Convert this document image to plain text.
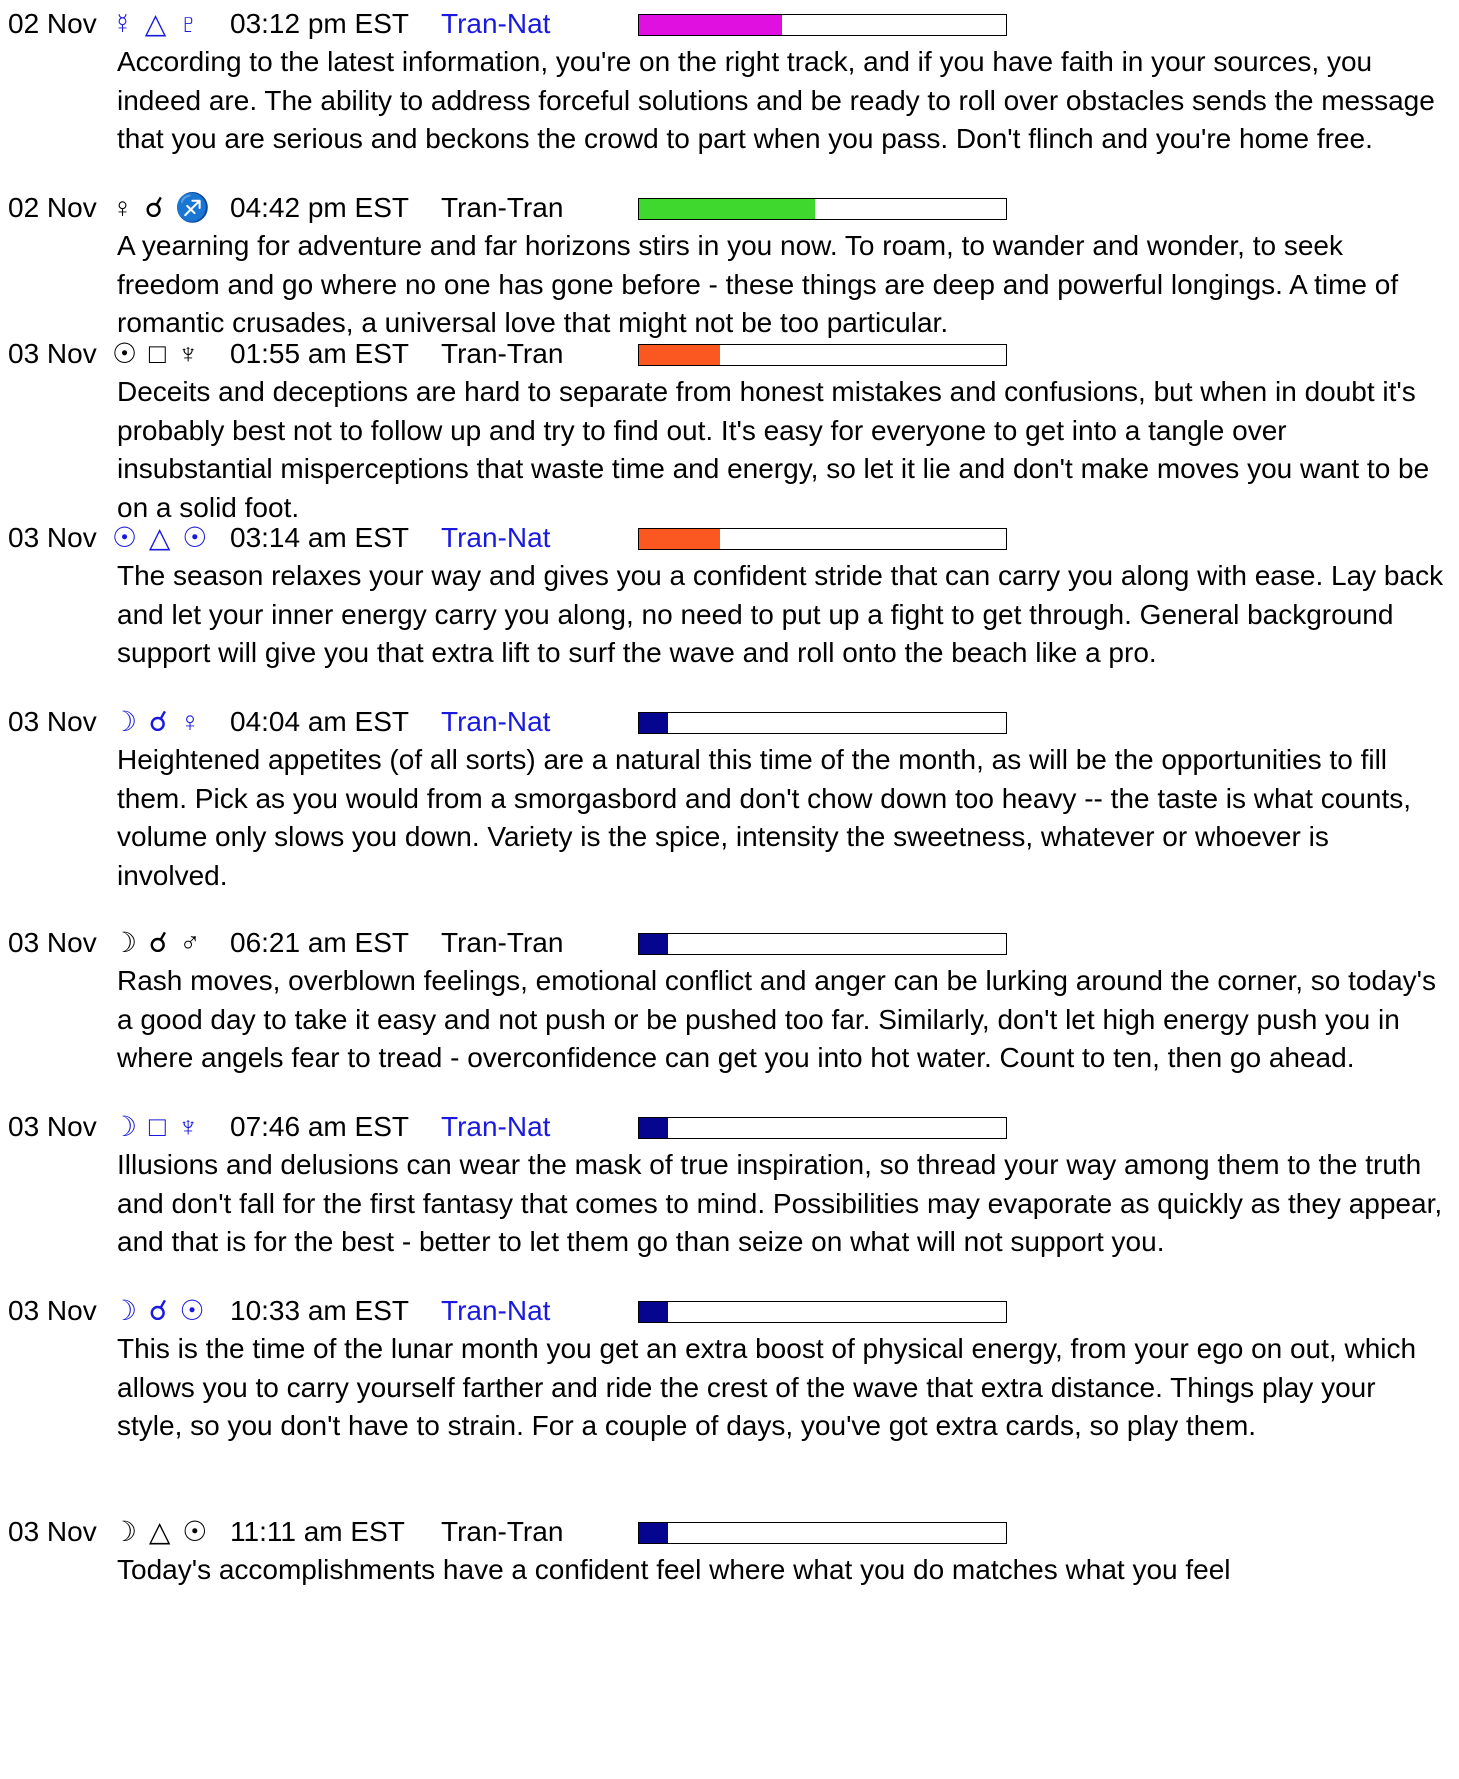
02 Nov ☿ △ ♇ 03:12 pm EST Tran-Nat
According to the latest information, you're on the right track, and if you have faith in your sources, you indeed are. The ability to address forceful solutions and be ready to roll over obstacles sends the message that you are serious and beckons the crowd to part when you pass. Don't flinch and you're home free.
02 Nov ♀ ☌ ♐ 04:42 pm EST Tran-Tran
A yearning for adventure and far horizons stirs in you now. To roam, to wander and wonder, to seek freedom and go where no one has gone before - these things are deep and powerful longings. A time of romantic crusades, a universal love that might not be too particular.
03 Nov ☉ □ ♆ 01:55 am EST Tran-Tran
Deceits and deceptions are hard to separate from honest mistakes and confusions, but when in doubt it's probably best not to follow up and try to find out. It's easy for everyone to get into a tangle over insubstantial misperceptions that waste time and energy, so let it lie and don't make moves you want to be on a solid foot.
03 Nov ☉ △ ☉ 03:14 am EST Tran-Nat
The season relaxes your way and gives you a confident stride that can carry you along with ease. Lay back and let your inner energy carry you along, no need to put up a fight to get through. General background support will give you that extra lift to surf the wave and roll onto the beach like a pro.
03 Nov ☽ ☌ ♀ 04:04 am EST Tran-Nat
Heightened appetites (of all sorts) are a natural this time of the month, as will be the opportunities to fill them. Pick as you would from a smorgasbord and don't chow down too heavy -- the taste is what counts, volume only slows you down. Variety is the spice, intensity the sweetness, whatever or whoever is involved.
03 Nov ☽ ☌ ♂ 06:21 am EST Tran-Tran
Rash moves, overblown feelings, emotional conflict and anger can be lurking around the corner, so today's a good day to take it easy and not push or be pushed too far. Similarly, don't let high energy push you in where angels fear to tread - overconfidence can get you into hot water. Count to ten, then go ahead.
03 Nov ☽ □ ♆ 07:46 am EST Tran-Nat
Illusions and delusions can wear the mask of true inspiration, so thread your way among them to the truth and don't fall for the first fantasy that comes to mind. Possibilities may evaporate as quickly as they appear, and that is for the best - better to let them go than seize on what will not support you.
03 Nov ☽ ☌ ☉ 10:33 am EST Tran-Nat
This is the time of the lunar month you get an extra boost of physical energy, from your ego on out, which allows you to carry yourself farther and ride the crest of the wave that extra distance. Things play your style, so you don't have to strain. For a couple of days, you've got extra cards, so play them.
03 Nov ☽ △ ☉ 11:11 am EST Tran-Tran
Today's accomplishments have a confident feel where what you do matches what you feel
